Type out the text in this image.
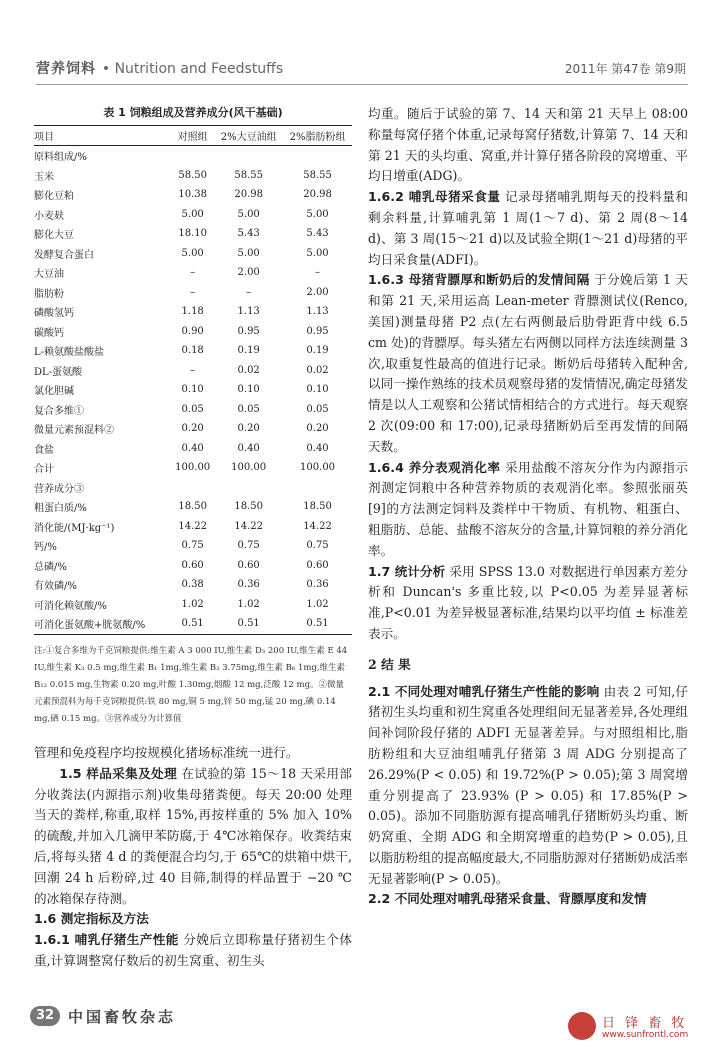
营养饲料 • Nutrition and Feedstuffs	2011年 第47卷 第9期
表 1 饲粮组成及营养成分(风干基础)
项目	对照组	2%大豆油组	2%脂肪粉组
原料组成/%			
玉米	58.50	58.55	58.55
膨化豆粕	10.38	20.98	20.98
小麦麸	5.00	5.00	5.00
膨化大豆	18.10	5.43	5.43
发酵复合蛋白	5.00	5.00	5.00
大豆油	–	2.00	–
脂肪粉	–	–	2.00
磷酸氢钙	1.18	1.13	1.13
碳酸钙	0.90	0.95	0.95
L-赖氨酸盐酸盐	0.18	0.19	0.19
DL-蛋氨酸	–	0.02	0.02
氯化胆碱	0.10	0.10	0.10
复合多维①	0.05	0.05	0.05
微量元素预混料②	0.20	0.20	0.20
食盐	0.40	0.40	0.40
合计	100.00	100.00	100.00
营养成分③			
粗蛋白质/%	18.50	18.50	18.50
消化能/(MJ·kg⁻¹)	14.22	14.22	14.22
钙/%	0.75	0.75	0.75
总磷/%	0.60	0.60	0.60
有效磷/%	0.38	0.36	0.36
可消化赖氨酸/%	1.02	1.02	1.02
可消化蛋氨酸+胱氨酸/%	0.51	0.51	0.51
注:①复合多维为千克饲粮提供:维生素 A 3 000 IU,维生素 D₃ 200 IU,维生素 E 44 IU,维生素 K₃ 0.5 mg,维生素 B₁ 1mg,维生素 B₂ 3.75mg,维生素 B₆ 1mg,维生素 B₁₂ 0.015 mg,生物素 0.20 mg,叶酸 1.30mg,烟酸 12 mg,泛酸 12 mg。②微量元素预混料为每千克饲粮提供:铁 80 mg,铜 5 mg,锌 50 mg,锰 20 mg,碘 0.14 mg,硒 0.15 mg。③营养成分为计算值

管理和免疫程序均按规模化猪场标准统一进行。

1.5 样品采集及处理 在试验的第 15～18 天采用部分收粪法(内源指示剂)收集母猪粪便。每天 20:00 处理当天的粪样,称重,取样 15%,再按样重的 5% 加入 10%的硫酸,并加入几滴甲苯防腐,于 4℃冰箱保存。收粪结束后,将每头猪 4 d 的粪便混合均匀,于 65℃的烘箱中烘干,回潮 24 h 后粉碎,过 40 目筛,制得的样品置于 −20 ℃的冰箱保存待测。

1.6 测定指标及方法

1.6.1 哺乳仔猪生产性能 分娩后立即称量仔猪初生个体重,计算调整窝仔数后的初生窝重、初生头

均重。随后于试验的第 7、14 天和第 21 天早上 08:00 称量每窝仔猪个体重,记录每窝仔猪数,计算第 7、14 天和第 21 天的头均重、窝重,并计算仔猪各阶段的窝增重、平均日增重(ADG)。

1.6.2 哺乳母猪采食量 记录母猪哺乳期每天的投料量和剩余料量,计算哺乳第 1 周(1～7 d)、第 2 周(8～14 d)、第 3 周(15～21 d)以及试验全期(1～21 d)母猪的平均日采食量(ADFI)。

1.6.3 母猪背膘厚和断奶后的发情间隔 于分娩后第 1 天和第 21 天,采用运高 Lean-meter 背膘测试仪(Renco,美国)测量母猪 P2 点(左右两侧最后肋骨距背中线 6.5 cm 处)的背膘厚。每头猪左右两侧以同样方法连续测量 3 次,取重复性最高的值进行记录。断奶后母猪转入配种舍,以同一操作熟练的技术员观察母猪的发情情况,确定母猪发情是以人工观察和公猪试情相结合的方式进行。每天观察 2 次(09:00 和 17:00),记录母猪断奶后至再发情的间隔天数。

1.6.4 养分表观消化率 采用盐酸不溶灰分作为内源指示剂测定饲粮中各种营养物质的表观消化率。参照张丽英[9]的方法测定饲料及粪样中干物质、有机物、粗蛋白、粗脂肪、总能、盐酸不溶灰分的含量,计算饲粮的养分消化率。

1.7 统计分析 采用 SPSS 13.0 对数据进行单因素方差分析和 Duncan's 多重比较,以 P<0.05 为差异显著标准,P<0.01 为差异极显著标准,结果均以平均值 ± 标准差表示。

2 结 果

2.1 不同处理对哺乳仔猪生产性能的影响 由表 2 可知,仔猪初生头均重和初生窝重各处理组间无显著差异,各处理组间补饲阶段仔猪的 ADFI 无显著差异。与对照组相比,脂肪粉组和大豆油组哺乳仔猪第 3 周 ADG 分别提高了 26.29%(P < 0.05) 和 19.72%(P > 0.05);第 3 周窝增重分别提高了 23.93% (P > 0.05) 和 17.85%(P > 0.05)。添加不同脂肪源有提高哺乳仔猪断奶头均重、断奶窝重、全期 ADG 和全期窝增重的趋势(P > 0.05),且以脂肪粉组的提高幅度最大,不同脂肪源对仔猪断奶成活率无显著影响(P > 0.05)。

2.2 不同处理对哺乳母猪采食量、背膘厚度和发情

32 中国畜牧杂志	日 锋 畜 牧
www.sunfrontl.com
